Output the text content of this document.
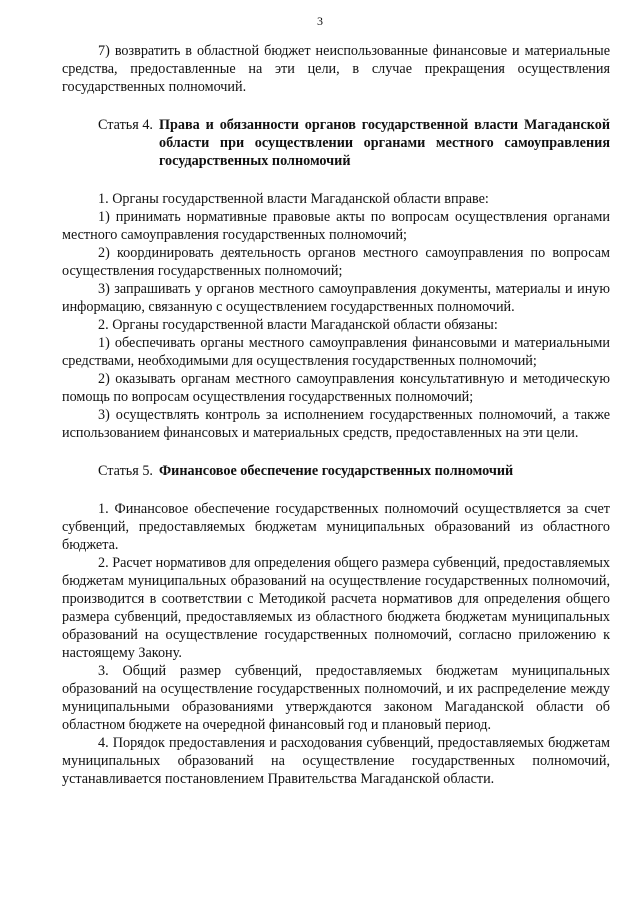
3

7) возвратить в областной бюджет неиспользованные финансовые и материальные средства, предоставленные на эти цели, в случае прекращения осуществления государственных полномочий.

Статья 4. Права и обязанности органов государственной власти Магаданской области при осуществлении органами местного самоуправления государственных полномочий

1. Органы государственной власти Магаданской области вправе:

1) принимать нормативные правовые акты по вопросам осуществления органами местного самоуправления государственных полномочий;

2) координировать деятельность органов местного самоуправления по вопросам осуществления государственных полномочий;

3) запрашивать у органов местного самоуправления документы, материалы и иную информацию, связанную с осуществлением государственных полномочий.

2. Органы государственной власти Магаданской области обязаны:

1) обеспечивать органы местного самоуправления финансовыми и материальными средствами, необходимыми для осуществления государственных полномочий;

2) оказывать органам местного самоуправления консультативную и методическую помощь по вопросам осуществления государственных полномочий;

3) осуществлять контроль за исполнением государственных полномочий, а также использованием финансовых и материальных средств, предоставленных на эти цели.

Статья 5. Финансовое обеспечение государственных полномочий

1. Финансовое обеспечение государственных полномочий осуществляется за счет субвенций, предоставляемых бюджетам муниципальных образований из областного бюджета.

2. Расчет нормативов для определения общего размера субвенций, предоставляемых бюджетам муниципальных образований на осуществление государственных полномочий, производится в соответствии с Методикой расчета нормативов для определения общего размера субвенций, предоставляемых из областного бюджета бюджетам муниципальных образований на осуществление государственных полномочий, согласно приложению к настоящему Закону.

3. Общий размер субвенций, предоставляемых бюджетам муниципальных образований на осуществление государственных полномочий, и их распределение между муниципальными образованиями утверждаются законом Магаданской области об областном бюджете на очередной финансовый год и плановый период.

4. Порядок предоставления и расходования субвенций, предоставляемых бюджетам муниципальных образований на осуществление государственных полномочий, устанавливается постановлением Правительства Магаданской области.
